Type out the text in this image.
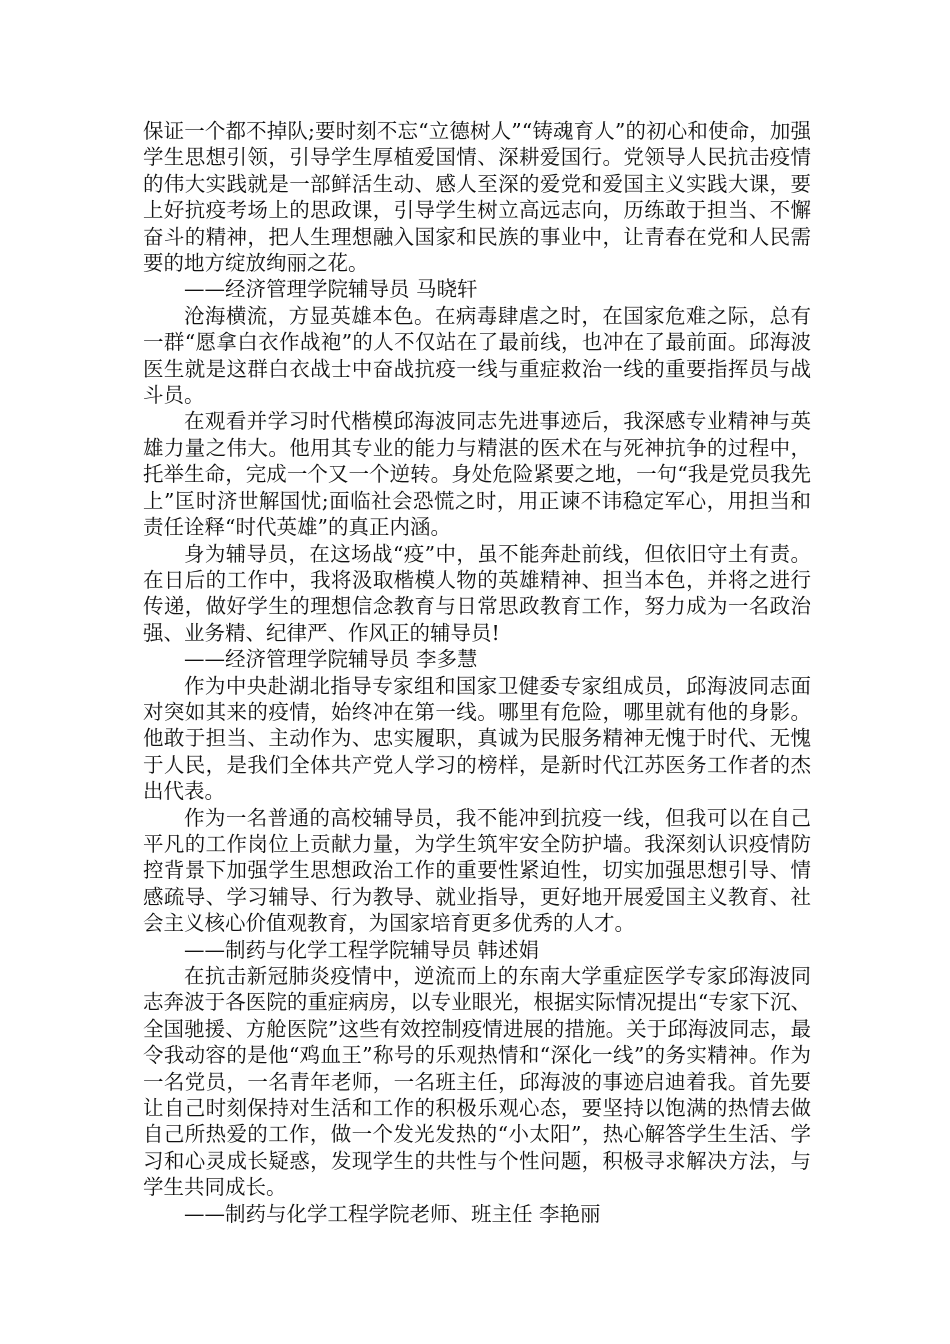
保证一个都不掉队;要时刻不忘“立德树人”“铸魂育人”的初心和使命，加强学生思想引领，引导学生厚植爱国情、深耕爱国行。党领导人民抗击疫情的伟大实践就是一部鲜活生动、感人至深的爱党和爱国主义实践大课，要上好抗疫考场上的思政课，引导学生树立高远志向，历练敢于担当、不懈奋斗的精神，把人生理想融入国家和民族的事业中，让青春在党和人民需要的地方绽放绚丽之花。

——经济管理学院辅导员 马晓轩

沧海横流，方显英雄本色。在病毒肆虐之时，在国家危难之际，总有一群“愿拿白衣作战袍”的人不仅站在了最前线，也冲在了最前面。邱海波医生就是这群白衣战士中奋战抗疫一线与重症救治一线的重要指挥员与战斗员。

在观看并学习时代楷模邱海波同志先进事迹后，我深感专业精神与英雄力量之伟大。他用其专业的能力与精湛的医术在与死神抗争的过程中，托举生命，完成一个又一个逆转。身处危险紧要之地，一句“我是党员我先上”匡时济世解国忧;面临社会恐慌之时，用正谏不讳稳定军心，用担当和责任诠释“时代英雄”的真正内涵。

身为辅导员，在这场战“疫”中，虽不能奔赴前线，但依旧守土有责。在日后的工作中，我将汲取楷模人物的英雄精神、担当本色，并将之进行传递，做好学生的理想信念教育与日常思政教育工作，努力成为一名政治强、业务精、纪律严、作风正的辅导员!

——经济管理学院辅导员 李多慧

作为中央赴湖北指导专家组和国家卫健委专家组成员，邱海波同志面对突如其来的疫情，始终冲在第一线。哪里有危险，哪里就有他的身影。他敢于担当、主动作为、忠实履职，真诚为民服务精神无愧于时代、无愧于人民，是我们全体共产党人学习的榜样，是新时代江苏医务工作者的杰出代表。

作为一名普通的高校辅导员，我不能冲到抗疫一线，但我可以在自己平凡的工作岗位上贡献力量，为学生筑牢安全防护墙。我深刻认识疫情防控背景下加强学生思想政治工作的重要性紧迫性，切实加强思想引导、情感疏导、学习辅导、行为教导、就业指导，更好地开展爱国主义教育、社会主义核心价值观教育，为国家培育更多优秀的人才。

——制药与化学工程学院辅导员 韩述娟

在抗击新冠肺炎疫情中，逆流而上的东南大学重症医学专家邱海波同志奔波于各医院的重症病房，以专业眼光，根据实际情况提出“专家下沉、全国驰援、方舱医院”这些有效控制疫情进展的措施。关于邱海波同志，最令我动容的是他“鸡血王”称号的乐观热情和“深化一线”的务实精神。作为一名党员，一名青年老师，一名班主任，邱海波的事迹启迪着我。首先要让自己时刻保持对生活和工作的积极乐观心态，要坚持以饱满的热情去做自己所热爱的工作，做一个发光发热的“小太阳”，热心解答学生生活、学习和心灵成长疑惑，发现学生的共性与个性问题，积极寻求解决方法，与学生共同成长。

——制药与化学工程学院老师、班主任 李艳丽
